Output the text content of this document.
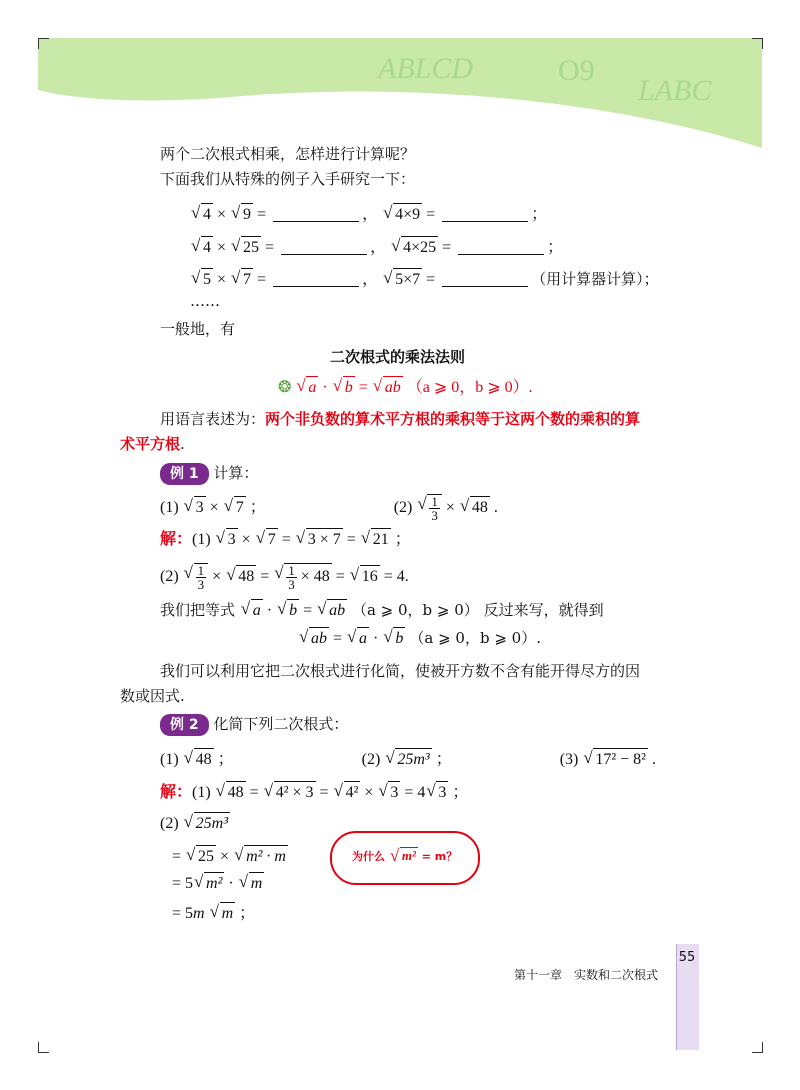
ABLCD	O9
LABC
两个二次根式相乘，怎样进行计算呢？
下面我们从特殊的例子入手研究一下：
√ 4 × √ 9 =	， √ 4×9 =	；
√ 4 × √ 25 =	， √ 4×25 =	；
√ 5 × √ 7 =	， √ 5×7 =	（用计算器计算）；
……
一般地，有
二次根式的乘法法则
❂ √ a · √ b = √ ab （a ⩾ 0，b ⩾ 0）.
用语言表述为：两个非负数的算术平方根的乘积等于这两个数的乘积的算
术平方根.
例 1 计算：
(1) √ 3 × √ 7 ；	(2) √ $\frac{1}{3}$ × √ 48 .
解：(1) √ 3 × √ 7 = √ 3 × 7 = √ 21 ；
(2) √ $\frac{1}{3}$ × √ 48 = √ $\frac{1}{3} \times 48$ = √ 16 = 4.
我们把等式 √ a · √ b = √ ab （a ⩾ 0，b ⩾ 0） 反过来写，就得到
√ ab = √ a · √ b （a ⩾ 0，b ⩾ 0）.
我们可以利用它把二次根式进行化简，使被开方数不含有能开得尽方的因
数或因式.
例 2 化简下列二次根式：
(1) √ 48 ；	(2) √ 25m³ ；	(3) √ 17² − 8² .
解：(1) √ 48 = √ 4² × 3 = √ 4² × √ 3 = 4 √ 3 ；
(2) √ 25m³
= √ 25 × √ m² · m
= 5 √ m² · √ m
= 5m √ m ；
为什么 √ m² = m？
第十一章　实数和二次根式
55
